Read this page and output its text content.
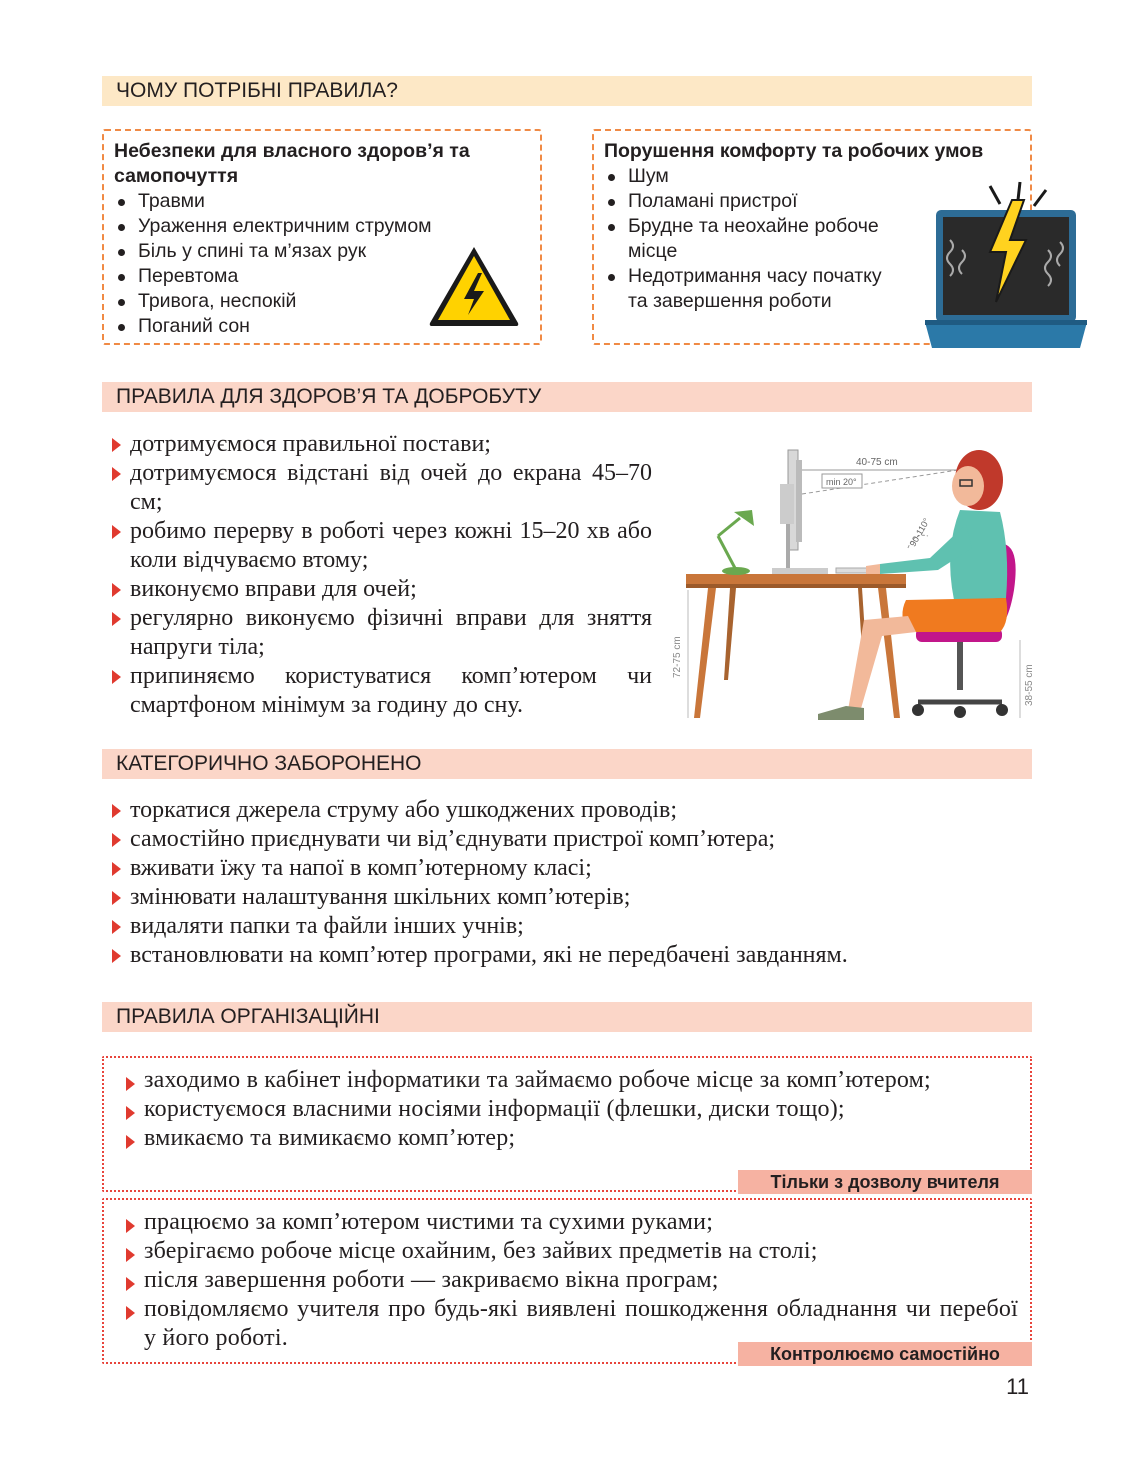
ЧОМУ ПОТРІБНІ ПРАВИЛА?
Небезпеки для власного здоров’я та самопочуття
Травми
Ураження електричним струмом
Біль у спині та м’язах рук
Перевтома
Тривога, неспокій
Поганий сон
Порушення комфорту та робочих умов
Шум
Поламані пристрої
Брудне та неохайне робоче місце
Недотримання часу початку та завершення роботи
ПРАВИЛА ДЛЯ ЗДОРОВ’Я ТА ДОБРОБУТУ
дотримуємося правильної постави;
дотримуємося відстані від очей до екрана 45–70 см;
робимо перерву в роботі через кожні 15–20 хв або коли відчуваємо втому;
виконуємо вправи для очей;
регулярно виконуємо фізичні вправи для зняття напруги тіла;
припиняємо користуватися комп’ютером чи смартфоном мінімум за годину до сну.
40-75 cm
min 20°
90-110°
72-75 cm
38-55 cm
КАТЕГОРИЧНО ЗАБОРОНЕНО
торкатися джерела струму або ушкоджених проводів;
самостійно приєднувати чи від’єднувати пристрої комп’ютера;
вживати їжу та напої в комп’ютерному класі;
змінювати налаштування шкільних комп’ютерів;
видаляти папки та файли інших учнів;
встановлювати на комп’ютер програми, які не передбачені завданням.
ПРАВИЛА ОРГАНІЗАЦІЙНІ
заходимо в кабінет інформатики та займаємо робоче місце за комп’ютером;
користуємося власними носіями інформації (флешки, диски тощо);
вмикаємо та вимикаємо комп’ютер;
Тільки з дозволу вчителя
працюємо за комп’ютером чистими та сухими руками;
зберігаємо робоче місце охайним, без зайвих предметів на столі;
після завершення роботи — закриваємо вікна програм;
повідомляємо учителя про будь-які виявлені пошкодження обладнання чи перебої у його роботі.
Контролюємо самостійно
11
